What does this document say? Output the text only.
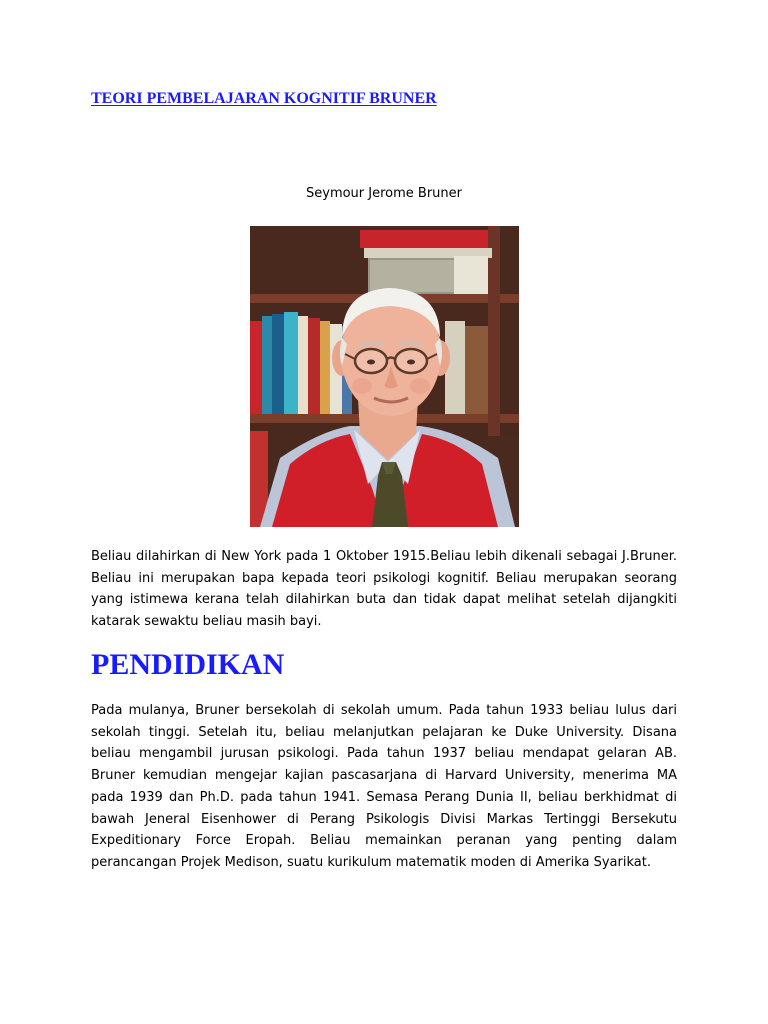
TEORI PEMBELAJARAN KOGNITIF BRUNER
Seymour Jerome Bruner

Beliau dilahirkan di New York pada 1 Oktober 1915.Beliau lebih dikenali sebagai J.Bruner. Beliau ini merupakan bapa kepada teori psikologi kognitif. Beliau merupakan seorang yang istimewa kerana telah dilahirkan buta dan tidak dapat melihat setelah dijangkiti katarak sewaktu beliau masih bayi.

PENDIDIKAN

Pada mulanya, Bruner bersekolah di sekolah umum. Pada tahun 1933 beliau lulus dari sekolah tinggi. Setelah itu, beliau melanjutkan pelajaran ke Duke University. Disana beliau mengambil jurusan psikologi. Pada tahun 1937 beliau mendapat gelaran AB. Bruner kemudian mengejar kajian pascasarjana di Harvard University, menerima MA pada 1939 dan Ph.D. pada tahun 1941. Semasa Perang Dunia II, beliau berkhidmat di bawah Jeneral Eisenhower di Perang Psikologis Divisi Markas Tertinggi Bersekutu Expeditionary Force Eropah. Beliau memainkan peranan yang penting dalam perancangan Projek Medison, suatu kurikulum matematik moden di Amerika Syarikat.
